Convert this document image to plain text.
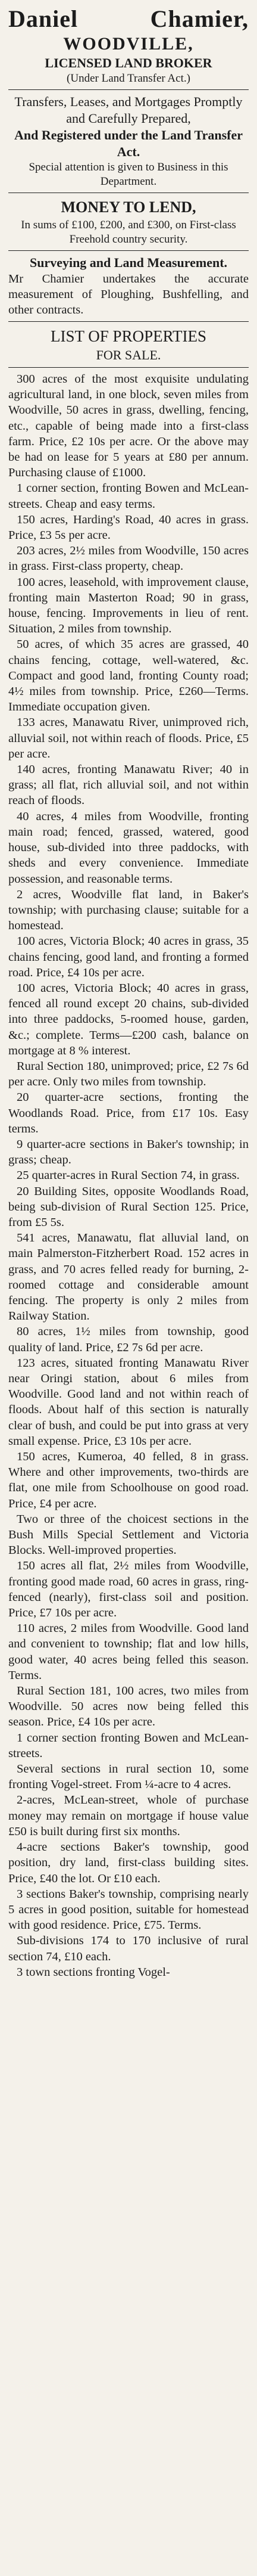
Daniel	Chamier,
WOODVILLE,
LICENSED LAND BROKER
(Under Land Transfer Act.)
Transfers, Leases, and Mortgages Promptly and Carefully Prepared,
And Registered under the Land Transfer Act.
Special attention is given to Business in this Department.
MONEY TO LEND,
In sums of £100, £200, and £300, on First-class Freehold country security.
Surveying and Land Measurement.
Mr Chamier undertakes the accurate measurement of Ploughing, Bushfelling, and other contracts.
LIST OF PROPERTIES
FOR SALE.

300 acres of the most exquisite undulating agricultural land, in one block, seven miles from Woodville, 50 acres in grass, dwelling, fencing, etc., capable of being made into a first-class farm. Price, £2 10s per acre. Or the above may be had on lease for 5 years at £80 per annum. Purchasing clause of £1000.

1 corner section, fronting Bowen and McLean-streets. Cheap and easy terms.

150 acres, Harding's Road, 40 acres in grass. Price, £3 5s per acre.

203 acres, 2½ miles from Woodville, 150 acres in grass. First-class property, cheap.

100 acres, leasehold, with improvement clause, fronting main Masterton Road; 90 in grass, house, fencing. Improvements in lieu of rent. Situation, 2 miles from township.

50 acres, of which 35 acres are grassed, 40 chains fencing, cottage, well-watered, &c. Compact and good land, fronting County road; 4½ miles from township. Price, £260—Terms. Immediate occupation given.

133 acres, Manawatu River, unimproved rich, alluvial soil, not within reach of floods. Price, £5 per acre.

140 acres, fronting Manawatu River; 40 in grass; all flat, rich alluvial soil, and not within reach of floods.

40 acres, 4 miles from Woodville, fronting main road; fenced, grassed, watered, good house, sub-divided into three paddocks, with sheds and every convenience. Immediate possession, and reasonable terms.

2 acres, Woodville flat land, in Baker's township; with purchasing clause; suitable for a homestead.

100 acres, Victoria Block; 40 acres in grass, 35 chains fencing, good land, and fronting a formed road. Price, £4 10s per acre.

100 acres, Victoria Block; 40 acres in grass, fenced all round except 20 chains, sub-divided into three paddocks, 5-roomed house, garden, &c.; complete. Terms—£200 cash, balance on mortgage at 8 % interest.

Rural Section 180, unimproved; price, £2 7s 6d per acre. Only two miles from township.

20 quarter-acre sections, fronting the Woodlands Road. Price, from £17 10s. Easy terms.

9 quarter-acre sections in Baker's township; in grass; cheap.

25 quarter-acres in Rural Section 74, in grass.

20 Building Sites, opposite Woodlands Road, being sub-division of Rural Section 125. Price, from £5 5s.

541 acres, Manawatu, flat alluvial land, on main Palmerston-Fitzherbert Road. 152 acres in grass, and 70 acres felled ready for burning, 2-roomed cottage and considerable amount fencing. The property is only 2 miles from Railway Station.

80 acres, 1½ miles from township, good quality of land. Price, £2 7s 6d per acre.

123 acres, situated fronting Manawatu River near Oringi station, about 6 miles from Woodville. Good land and not within reach of floods. About half of this section is naturally clear of bush, and could be put into grass at very small expense. Price, £3 10s per acre.

150 acres, Kumeroa, 40 felled, 8 in grass. Where and other improvements, two-thirds are flat, one mile from Schoolhouse on good road. Price, £4 per acre.

Two or three of the choicest sections in the Bush Mills Special Settlement and Victoria Blocks. Well-improved properties.

150 acres all flat, 2½ miles from Woodville, fronting good made road, 60 acres in grass, ring-fenced (nearly), first-class soil and position. Price, £7 10s per acre.

110 acres, 2 miles from Woodville. Good land and convenient to township; flat and low hills, good water, 40 acres being felled this season. Terms.

Rural Section 181, 100 acres, two miles from Woodville. 50 acres now being felled this season. Price, £4 10s per acre.

1 corner section fronting Bowen and McLean-streets.

Several sections in rural section 10, some fronting Vogel-street. From ¼-acre to 4 acres.

2-acres, McLean-street, whole of purchase money may remain on mortgage if house value £50 is built during first six months.

4-acre sections Baker's township, good position, dry land, first-class building sites. Price, £40 the lot. Or £10 each.

3 sections Baker's township, comprising nearly 5 acres in good position, suitable for homestead with good residence. Price, £75. Terms.

Sub-divisions 174 to 170 inclusive of rural section 74, £10 each.

3 town sections fronting Vogel-
